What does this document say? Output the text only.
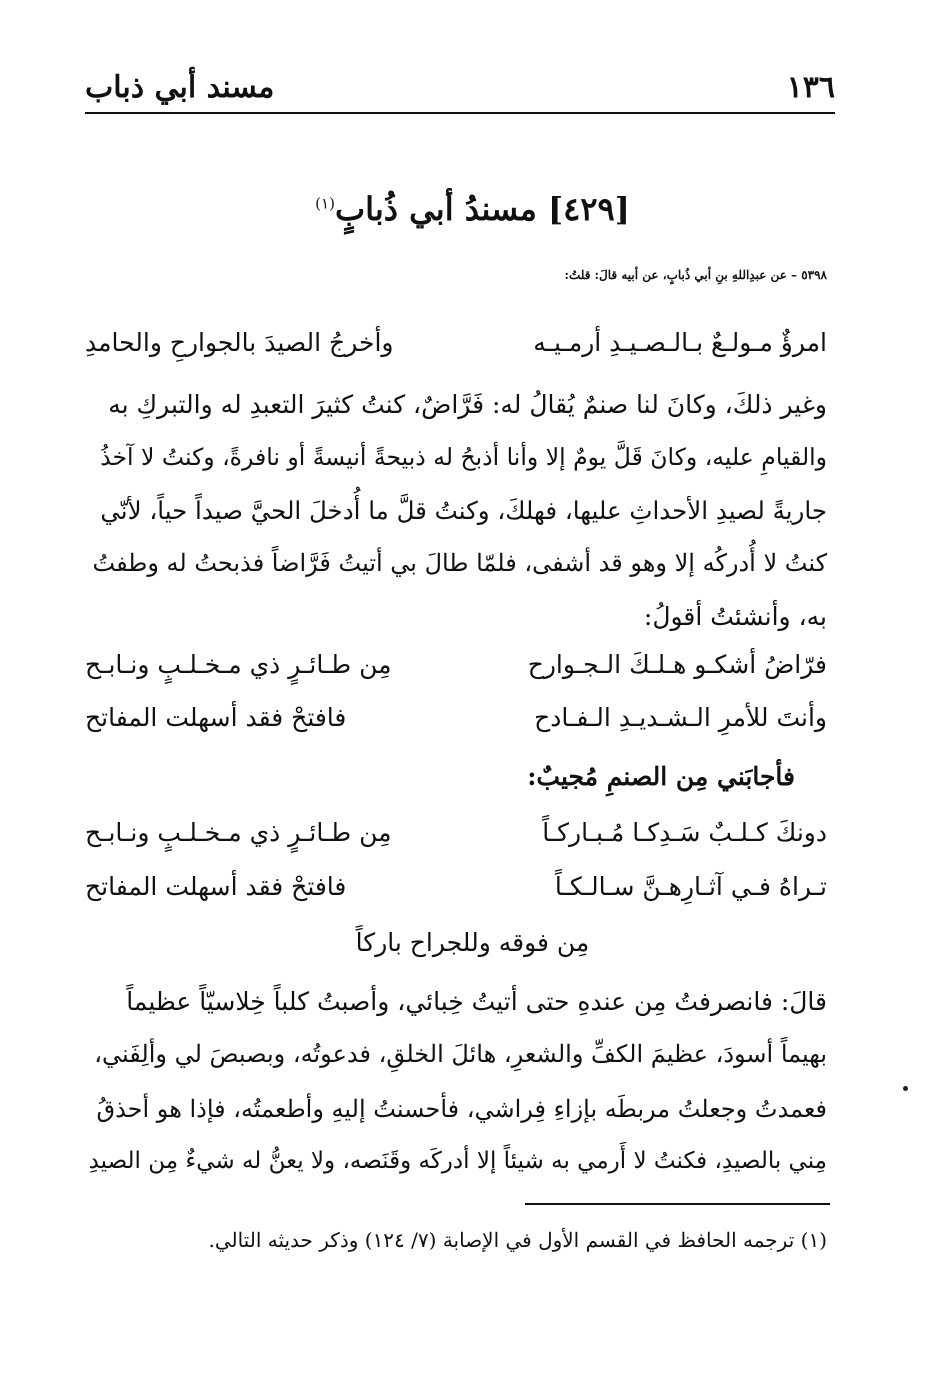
١٣٦
مسند أبي ذباب
[٤٢٩] مسندُ أبي ذُبابٍ$^{(١)}$
٥٣٩٨ – عن عبدِاللهِ بنِ أبي ذُبابٍ، عن أبيه قالَ: قلتُ:
امرؤٌ مـولـعٌ بـالـصـيـدِ أرمـيـه
وأخرجُ الصيدَ بالجوارحِ والحامدِ
وغير ذلكَ، وكانَ لنا صنمٌ يُقالُ له: فَرَّاضٌ، كنتُ كثيرَ التعبدِ له والتبركِ به
والقيامِ عليه، وكانَ قَلَّ يومٌ إلا وأنا أذبحُ له ذبيحةً أنيسةً أو نافرةً، وكنتُ لا آخذُ
جاريةً لصيدِ الأحداثِ عليها، فهلكَ، وكنتُ قلَّ ما أُدخلَ الحيَّ صيداً حياً، لأنّي
كنتُ لا أُدركُه إلا وهو قد أشفى، فلمّا طالَ بي أتيتُ فَرَّاضاً فذبحتُ له وطفتُ
به، وأنشئتُ أقولُ:
فرّاضُ أشكـو هـلـكَ الـجـوارح
مِن طـائـرٍ ذي مـخـلـبٍ ونـابـح
وأنتَ للأمرِ الـشـديـدِ الـفـادح
فافتحْ فقد أسهلت المفاتح
فأجابَني مِن الصنمِ مُجيبٌ:
دونكَ كـلـبٌ سَـدِكـا مُـبـاركـاً
مِن طـائـرٍ ذي مـخـلـبٍ ونـابـح
تـراهُ فـي آثـارِهـنَّ سـالـكـاً
فافتحْ فقد أسهلت المفاتح
مِن فوقه وللجراح باركاً
قالَ: فانصرفتُ مِن عندهِ حتى أتيتُ خِبائي، وأصبتُ كلباً خِلاسيّاً عظيماً
بهيماً أسودَ، عظيمَ الكفِّ والشعرِ، هائلَ الخلقِ، فدعوتُه، وبصبصَ لي وألِفَني،
فعمدتُ وجعلتُ مربطَه بإزاءِ فِراشي، فأحسنتُ إليهِ وأطعمتُه، فإذا هو أحذقُ
مِني بالصيدِ، فكنتُ لا أَرمي به شيئاً إلا أدركَه وقَنَصه، ولا يعنُّ له شيءٌ مِن الصيدِ
(١) ترجمه الحافظ في القسم الأول في الإصابة (٧/ ١٢٤) وذكر حديثه التالي.
